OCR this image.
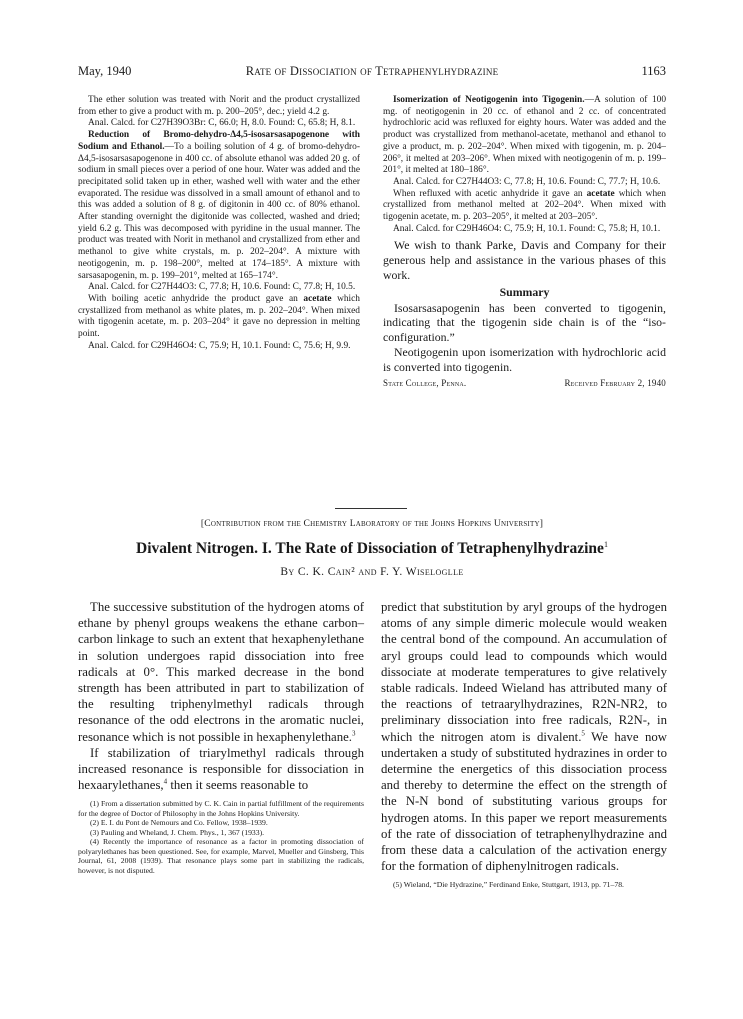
May, 1940	Rate of Dissociation of Tetraphenylhydrazine	1163

The ether solution was treated with Norit and the product crystallized from ether to give a product with m. p. 200–205°, dec.; yield 4.2 g.

Anal. Calcd. for C27H39O3Br: C, 66.0; H, 8.0. Found: C, 65.8; H, 8.1.

Reduction of Bromo-dehydro-Δ4,5-isosarsasapogenone with Sodium and Ethanol.—To a boiling solution of 4 g. of bromo-dehydro-Δ4,5-isosarsasapogenone in 400 cc. of absolute ethanol was added 20 g. of sodium in small pieces over a period of one hour. Water was added and the precipitated solid taken up in ether, washed well with water and the ether evaporated. The residue was dissolved in a small amount of ethanol and to this was added a solution of 8 g. of digitonin in 400 cc. of 80% ethanol. After standing overnight the digitonide was collected, washed and dried; yield 6.2 g. This was decomposed with pyridine in the usual manner. The product was treated with Norit in methanol and crystallized from ether and methanol to give white crystals, m. p. 202–204°. A mixture with neotigogenin, m. p. 198–200°, melted at 174–185°. A mixture with sarsasapogenin, m. p. 199–201°, melted at 165–174°.

Anal. Calcd. for C27H44O3: C, 77.8; H, 10.6. Found: C, 77.8; H, 10.5.

With boiling acetic anhydride the product gave an acetate which crystallized from methanol as white plates, m. p. 202–204°. When mixed with tigogenin acetate, m. p. 203–204° it gave no depression in melting point.

Anal. Calcd. for C29H46O4: C, 75.9; H, 10.1. Found: C, 75.6; H, 9.9.

Isomerization of Neotigogenin into Tigogenin.—A solution of 100 mg. of neotigogenin in 20 cc. of ethanol and 2 cc. of concentrated hydrochloric acid was refluxed for eighty hours. Water was added and the product was crystallized from methanol-acetate, methanol and ethanol to give a product, m. p. 202–204°. When mixed with tigogenin, m. p. 204–206°, it melted at 203–206°. When mixed with neotigogenin of m. p. 199–201°, it melted at 180–186°.

Anal. Calcd. for C27H44O3: C, 77.8; H, 10.6. Found: C, 77.7; H, 10.6.

When refluxed with acetic anhydride it gave an acetate which when crystallized from methanol melted at 202–204°. When mixed with tigogenin acetate, m. p. 203–205°, it melted at 203–205°.

Anal. Calcd. for C29H46O4: C, 75.9; H, 10.1. Found: C, 75.8; H, 10.1.

We wish to thank Parke, Davis and Company for their generous help and assistance in the various phases of this work.

Summary

Isosarsasapogenin has been converted to tigogenin, indicating that the tigogenin side chain is of the “iso- configuration.”

Neotigogenin upon isomerization with hydrochloric acid is converted into tigogenin.

State College, Penna.	Received February 2, 1940
[Contribution from the Chemistry Laboratory of the Johns Hopkins University]
Divalent Nitrogen. I. The Rate of Dissociation of Tetraphenylhydrazine$^1$
By C. K. Cain² and F. Y. Wiseloglle

The successive substitution of the hydrogen atoms of ethane by phenyl groups weakens the ethane carbon–carbon linkage to such an extent that hexaphenylethane in solution undergoes rapid dissociation into free radicals at 0°. This marked decrease in the bond strength has been attributed in part to stabilization of the resulting triphenylmethyl radicals through resonance of the odd electrons in the aromatic nuclei, resonance which is not possible in hexaphenylethane.$^3$

If stabilization of triarylmethyl radicals through increased resonance is responsible for dissociation in hexaarylethanes,$^4$ then it seems reasonable to

(1) From a dissertation submitted by C. K. Cain in partial fulfillment of the requirements for the degree of Doctor of Philosophy in the Johns Hopkins University.

(2) E. I. du Pont de Nemours and Co. Fellow, 1938–1939.

(3) Pauling and Wheland, J. Chem. Phys., 1, 367 (1933).

(4) Recently the importance of resonance as a factor in promoting dissociation of polyarylethanes has been questioned. See, for example, Marvel, Mueller and Ginsberg, This Journal, 61, 2008 (1939). That resonance plays some part in stabilizing the radicals, however, is not disputed.

predict that substitution by aryl groups of the hydrogen atoms of any simple dimeric molecule would weaken the central bond of the compound. An accumulation of aryl groups could lead to compounds which would dissociate at moderate temperatures to give relatively stable radicals. Indeed Wieland has attributed many of the reactions of tetraarylhydrazines, R2N-NR2, to preliminary dissociation into free radicals, R2N-, in which the nitrogen atom is divalent.$^5$ We have now undertaken a study of substituted hydrazines in order to determine the energetics of this dissociation process and thereby to determine the effect on the strength of the N-N bond of substituting various groups for hydrogen atoms. In this paper we report measurements of the rate of dissociation of tetraphenylhydrazine and from these data a calculation of the activation energy for the formation of diphenylnitrogen radicals.

(5) Wieland, “Die Hydrazine,” Ferdinand Enke, Stuttgart, 1913, pp. 71–78.
